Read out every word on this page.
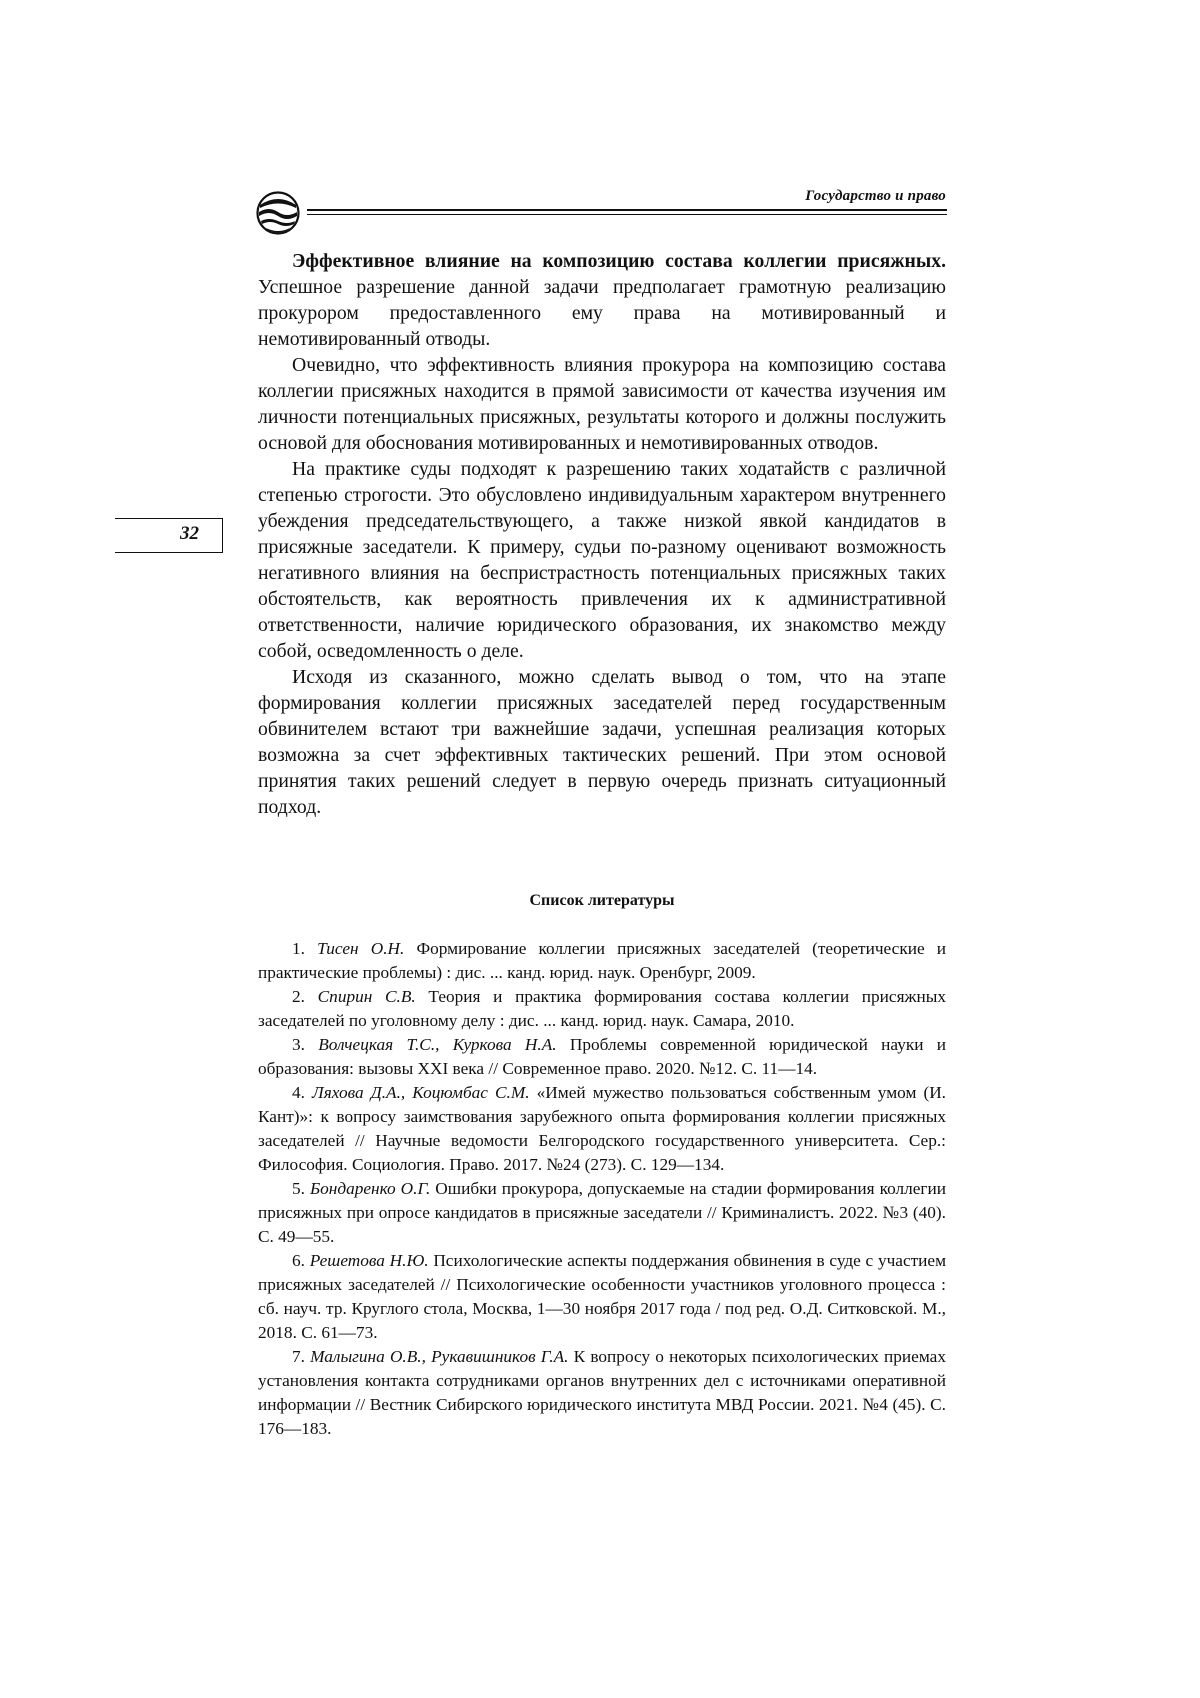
Государство и право
32

Эффективное влияние на композицию состава коллегии присяжных. Успешное разрешение данной задачи предполагает грамотную реализацию прокурором предоставленного ему права на мотивированный и немотивированный отводы.

Очевидно, что эффективность влияния прокурора на композицию состава коллегии присяжных находится в прямой зависимости от качества изучения им личности потенциальных присяжных, результаты которого и должны послужить основой для обоснования мотивированных и немотивированных отводов.

На практике суды подходят к разрешению таких ходатайств с различной степенью строгости. Это обусловлено индивидуальным характером внутреннего убеждения председательствующего, а также низкой явкой кандидатов в присяжные заседатели. К примеру, судьи по-разному оценивают возможность негативного влияния на беспристрастность потенциальных присяжных таких обстоятельств, как вероятность привлечения их к административной ответственности, наличие юридического образования, их знакомство между собой, осведомленность о деле.

Исходя из сказанного, можно сделать вывод о том, что на этапе формирования коллегии присяжных заседателей перед государственным обвинителем встают три важнейшие задачи, успешная реализация которых возможна за счет эффективных тактических решений. При этом основой принятия таких решений следует в первую очередь признать ситуационный подход.

Список литературы

1. Тисен О.Н. Формирование коллегии присяжных заседателей (теоретические и практические проблемы) : дис. ... канд. юрид. наук. Оренбург, 2009.

2. Спирин С.В. Теория и практика формирования состава коллегии присяжных заседателей по уголовному делу : дис. ... канд. юрид. наук. Самара, 2010.

3. Волчецкая Т.С., Куркова Н.А. Проблемы современной юридической науки и образования: вызовы XXI века // Современное право. 2020. №12. С. 11—14.

4. Ляхова Д.А., Коцюмбас С.М. «Имей мужество пользоваться собственным умом (И. Кант)»: к вопросу заимствования зарубежного опыта формирования коллегии присяжных заседателей // Научные ведомости Белгородского государственного университета. Сер.: Философия. Социология. Право. 2017. №24 (273). С. 129—134.

5. Бондаренко О.Г. Ошибки прокурора, допускаемые на стадии формирования коллегии присяжных при опросе кандидатов в присяжные заседатели // Криминалистъ. 2022. №3 (40). С. 49—55.

6. Решетова Н.Ю. Психологические аспекты поддержания обвинения в суде с участием присяжных заседателей // Психологические особенности участников уголовного процесса : сб. науч. тр. Круглого стола, Москва, 1—30 ноября 2017 года / под ред. О.Д. Ситковской. М., 2018. С. 61—73.

7. Малыгина О.В., Рукавишников Г.А. К вопросу о некоторых психологических приемах установления контакта сотрудниками органов внутренних дел с источниками оперативной информации // Вестник Сибирского юридического института МВД России. 2021. №4 (45). С. 176—183.
